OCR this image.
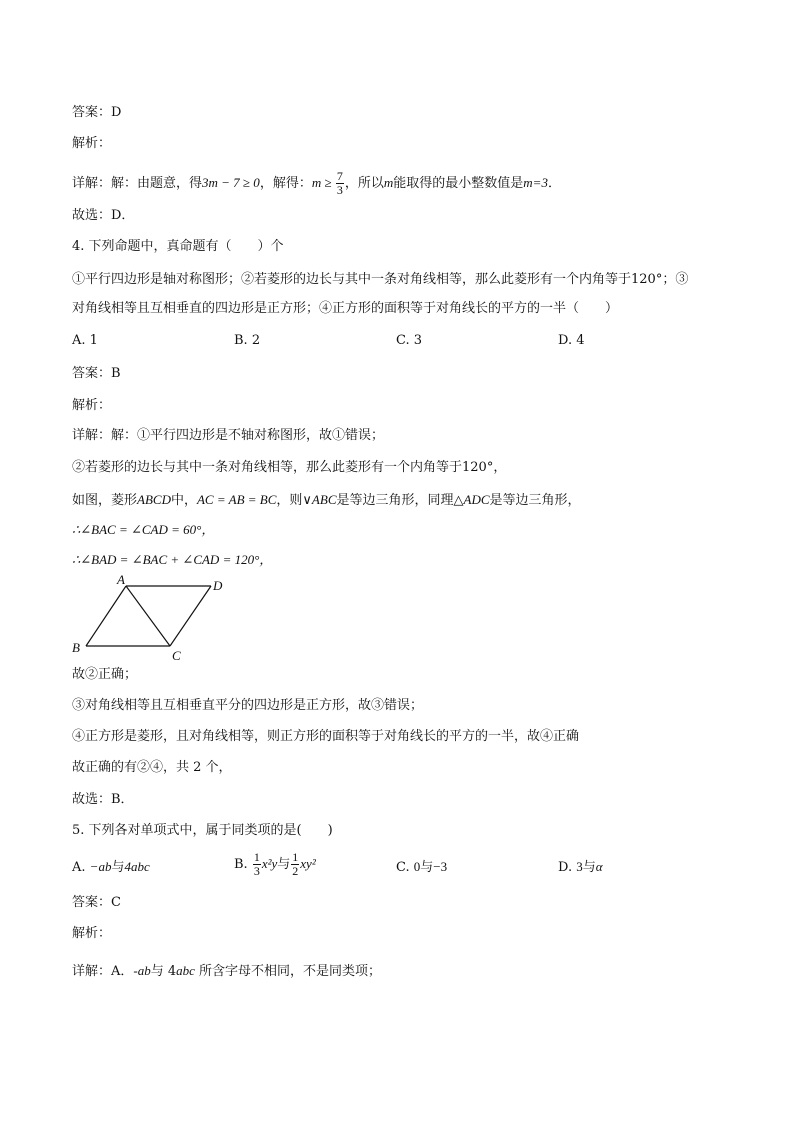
答案：D
解析：
详解：解：由题意，得3m − 7 ≥ 0，解得：$m \ge \frac{7}{3}$ ，所以m能取得的最小整数值是m=3．
故选：D．
4. 下列命题中，真命题有（　　）个
①平行四边形是轴对称图形；②若菱形的边长与其中一条对角线相等，那么此菱形有一个内角等于120°；③
对角线相等且互相垂直的四边形是正方形；④正方形的面积等于对角线长的平方的一半（　　）
A. 1	B. 2	C. 3	D. 4
答案：B
解析：
详解：解：①平行四边形是不轴对称图形，故①错误；
②若菱形的边长与其中一条对角线相等，那么此菱形有一个内角等于120°，
如图，菱形ABCD中，AC = AB = BC，则∨ABC是等边三角形，同理△ADC是等边三角形，
∴∠BAC = ∠CAD = 60°，
∴∠BAD = ∠BAC + ∠CAD = 120°，
A	D
B
C
故②正确；
③对角线相等且互相垂直平分的四边形是正方形，故③错误；
④正方形是菱形，且对角线相等，则正方形的面积等于对角线长的平方的一半，故④正确
故正确的有②④，共 2 个，
故选：B．
5. 下列各对单项式中，属于同类项的是(　　)
A. −ab与4abc	B. $\frac{1}{3} x^2y$与 $\frac{1}{2} xy^2$	C. 0与−3	D. 3与α
答案：C
解析：
详解：A．-ab与 4abc 所含字母不相同，不是同类项；
